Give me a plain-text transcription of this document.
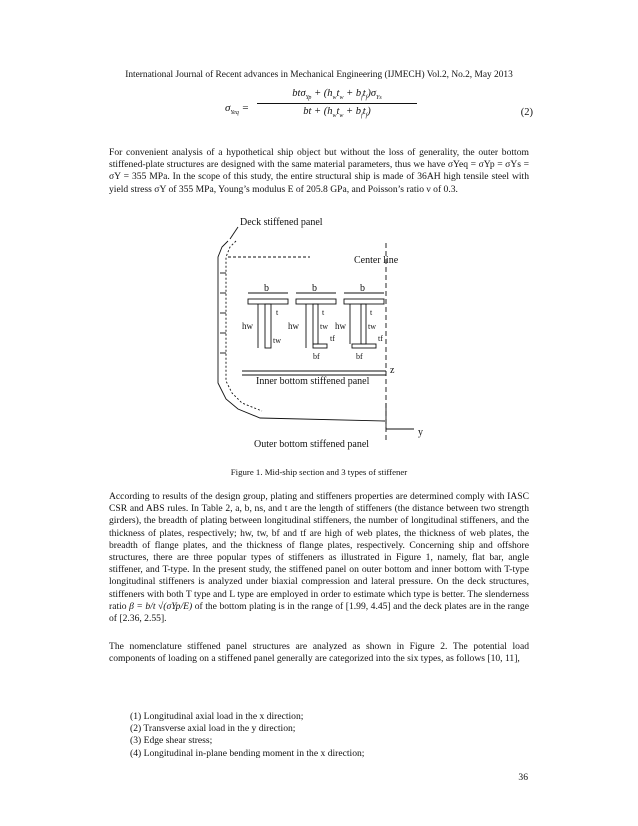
International Journal of Recent advances in Mechanical Engineering (IJMECH) Vol.2, No.2, May 2013
$\sigma_{Yeq}$ =
$bt\sigma_{Yp} + (h_wt_w + b_ft_f)\sigma_{Ys}$
bt + $(h_wt_w + b_ft_f)$	(2)

For convenient analysis of a hypothetical ship object but without the loss of generality, the outer bottom stiffened-plate structures are designed with the same material parameters, thus we have σYeq = σYp = σYs = σY = 355 MPa. In the scope of this study, the entire structural ship is made of 36AH high tensile steel with yield stress σY of 355 MPa, Young’s modulus E of 205.8 GPa, and Poisson’s ratio ν of 0.3.

Deck stiffened panel
Center line
b	b	b
t	t	t
hw	hw	hw
tw
tw	tw
bf	bf
tf	tf
z
y
Inner bottom stiffened panel
Outer bottom stiffened panel
Figure 1. Mid-ship section and 3 types of stiffener

According to results of the design group, plating and stiffeners properties are determined comply with IASC CSR and ABS rules. In Table 2, a, b, ns, and t are the length of stiffeners (the distance between two strength girders), the breadth of plating between longitudinal stiffeners, the number of longitudinal stiffeners, and the thickness of plates, respectively; hw, tw, bf and tf are high of web plates, the thickness of web plates, the breadth of flange plates, and the thickness of flange plates, respectively. Concerning ship and offshore structures, there are three popular types of stiffeners as illustrated in Figure 1, namely, flat bar, angle stiffener, and T-type. In the present study, the stiffened panel on outer bottom and inner bottom with T-type longitudinal stiffeners is analyzed under biaxial compression and lateral pressure. On the deck structures, stiffeners with both T type and L type are employed in order to estimate which type is better. The slenderness ratio β = b/t √(σYp/E) of the bottom plating is in the range of [1.99, 4.45] and the deck plates are in the range of [2.36, 2.55].

The nomenclature stiffened panel structures are analyzed as shown in Figure 2. The potential load components of loading on a stiffened panel generally are categorized into the six types, as follows [10, 11],

(1) Longitudinal axial load in the x direction;
(2) Transverse axial load in the y direction;
(3) Edge shear stress;
(4) Longitudinal in-plane bending moment in the x direction;
36
